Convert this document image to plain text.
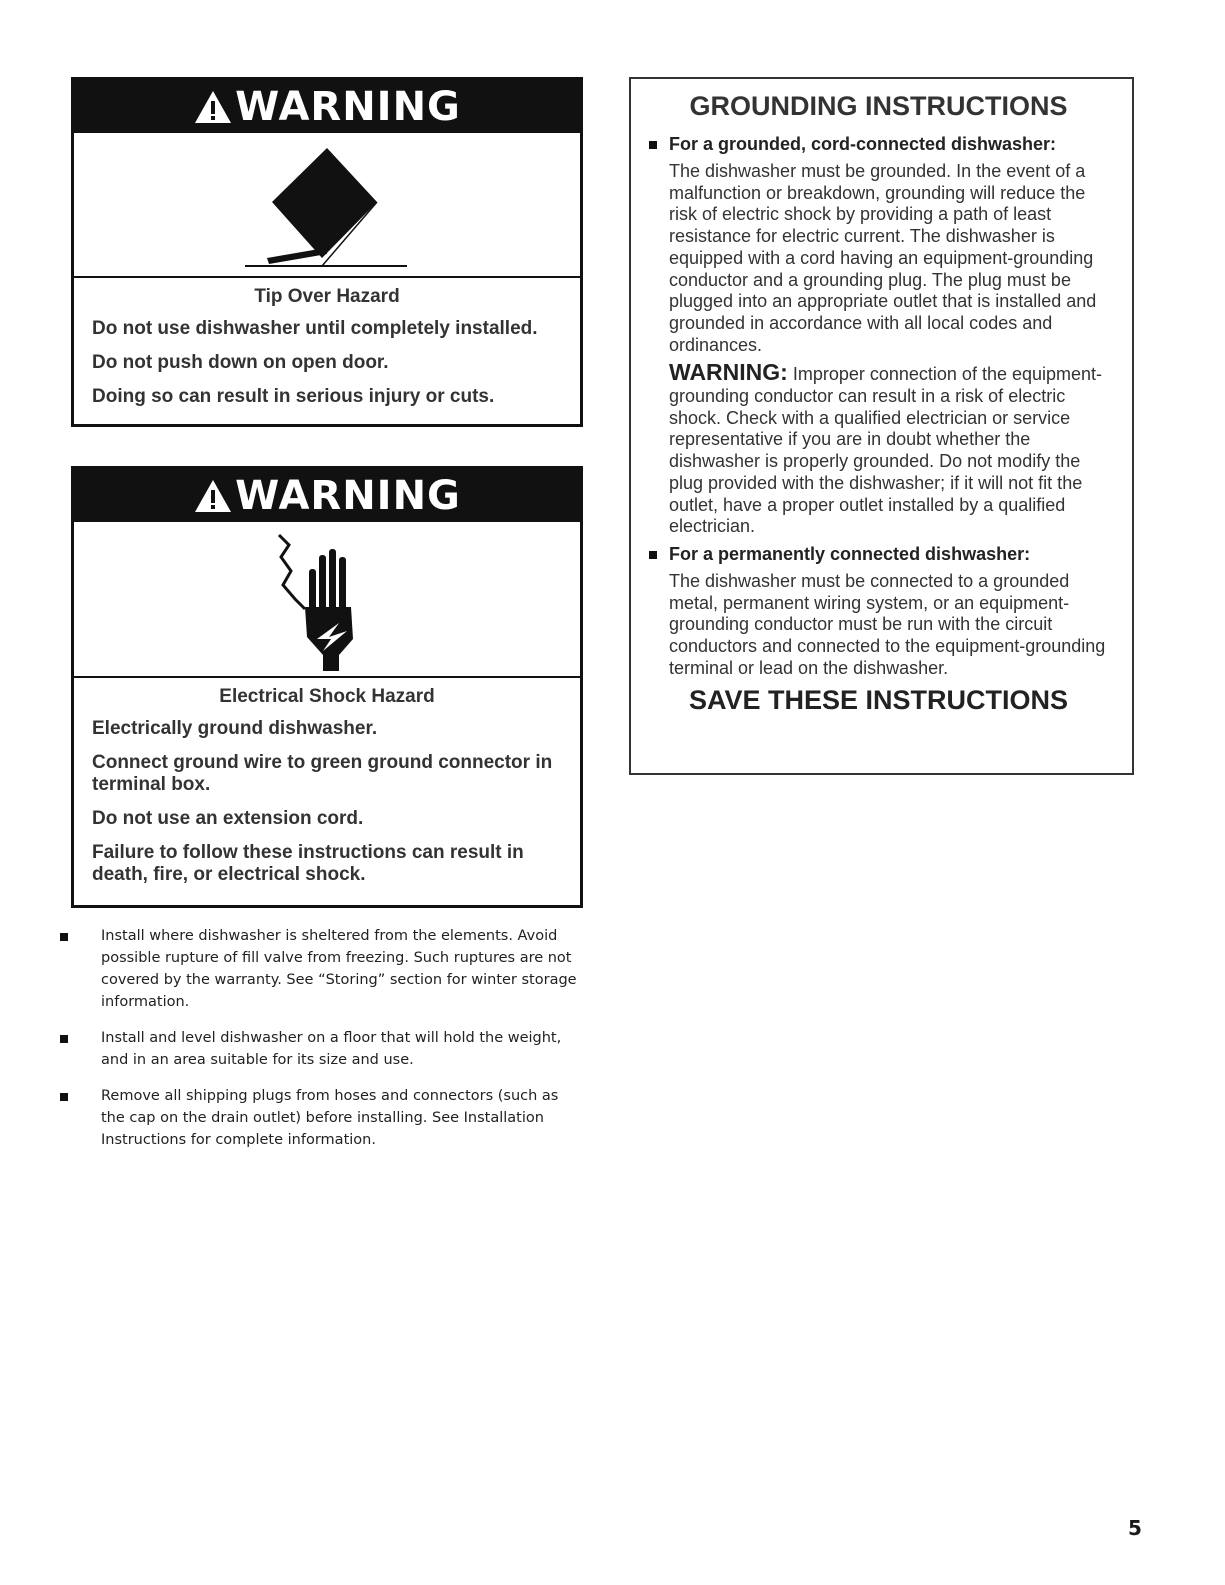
WARNING
Tip Over Hazard
Do not use dishwasher until completely installed.
Do not push down on open door.
Doing so can result in serious injury or cuts.
WARNING
Electrical Shock Hazard
Electrically ground dishwasher.
Connect ground wire to green ground connector in terminal box.
Do not use an extension cord.
Failure to follow these instructions can result in death, fire, or electrical shock.
Install where dishwasher is sheltered from the elements. Avoid possible rupture of fill valve from freezing. Such ruptures are not covered by the warranty. See “Storing” section for winter storage information.
Install and level dishwasher on a floor that will hold the weight, and in an area suitable for its size and use.
Remove all shipping plugs from hoses and connectors (such as the cap on the drain outlet) before installing. See Installation Instructions for complete information.
GROUNDING INSTRUCTIONS
For a grounded, cord-connected dishwasher:
The dishwasher must be grounded. In the event of a malfunction or breakdown, grounding will reduce the risk of electric shock by providing a path of least resistance for electric current. The dishwasher is equipped with a cord having an equipment-grounding conductor and a grounding plug. The plug must be plugged into an appropriate outlet that is installed and grounded in accordance with all local codes and ordinances.
WARNING: Improper connection of the equipment-grounding conductor can result in a risk of electric shock. Check with a qualified electrician or service representative if you are in doubt whether the dishwasher is properly grounded. Do not modify the plug provided with the dishwasher; if it will not fit the outlet, have a proper outlet installed by a qualified electrician.
For a permanently connected dishwasher:
The dishwasher must be connected to a grounded metal, permanent wiring system, or an equipment-grounding conductor must be run with the circuit conductors and connected to the equipment-grounding terminal or lead on the dishwasher.
SAVE THESE INSTRUCTIONS
5
